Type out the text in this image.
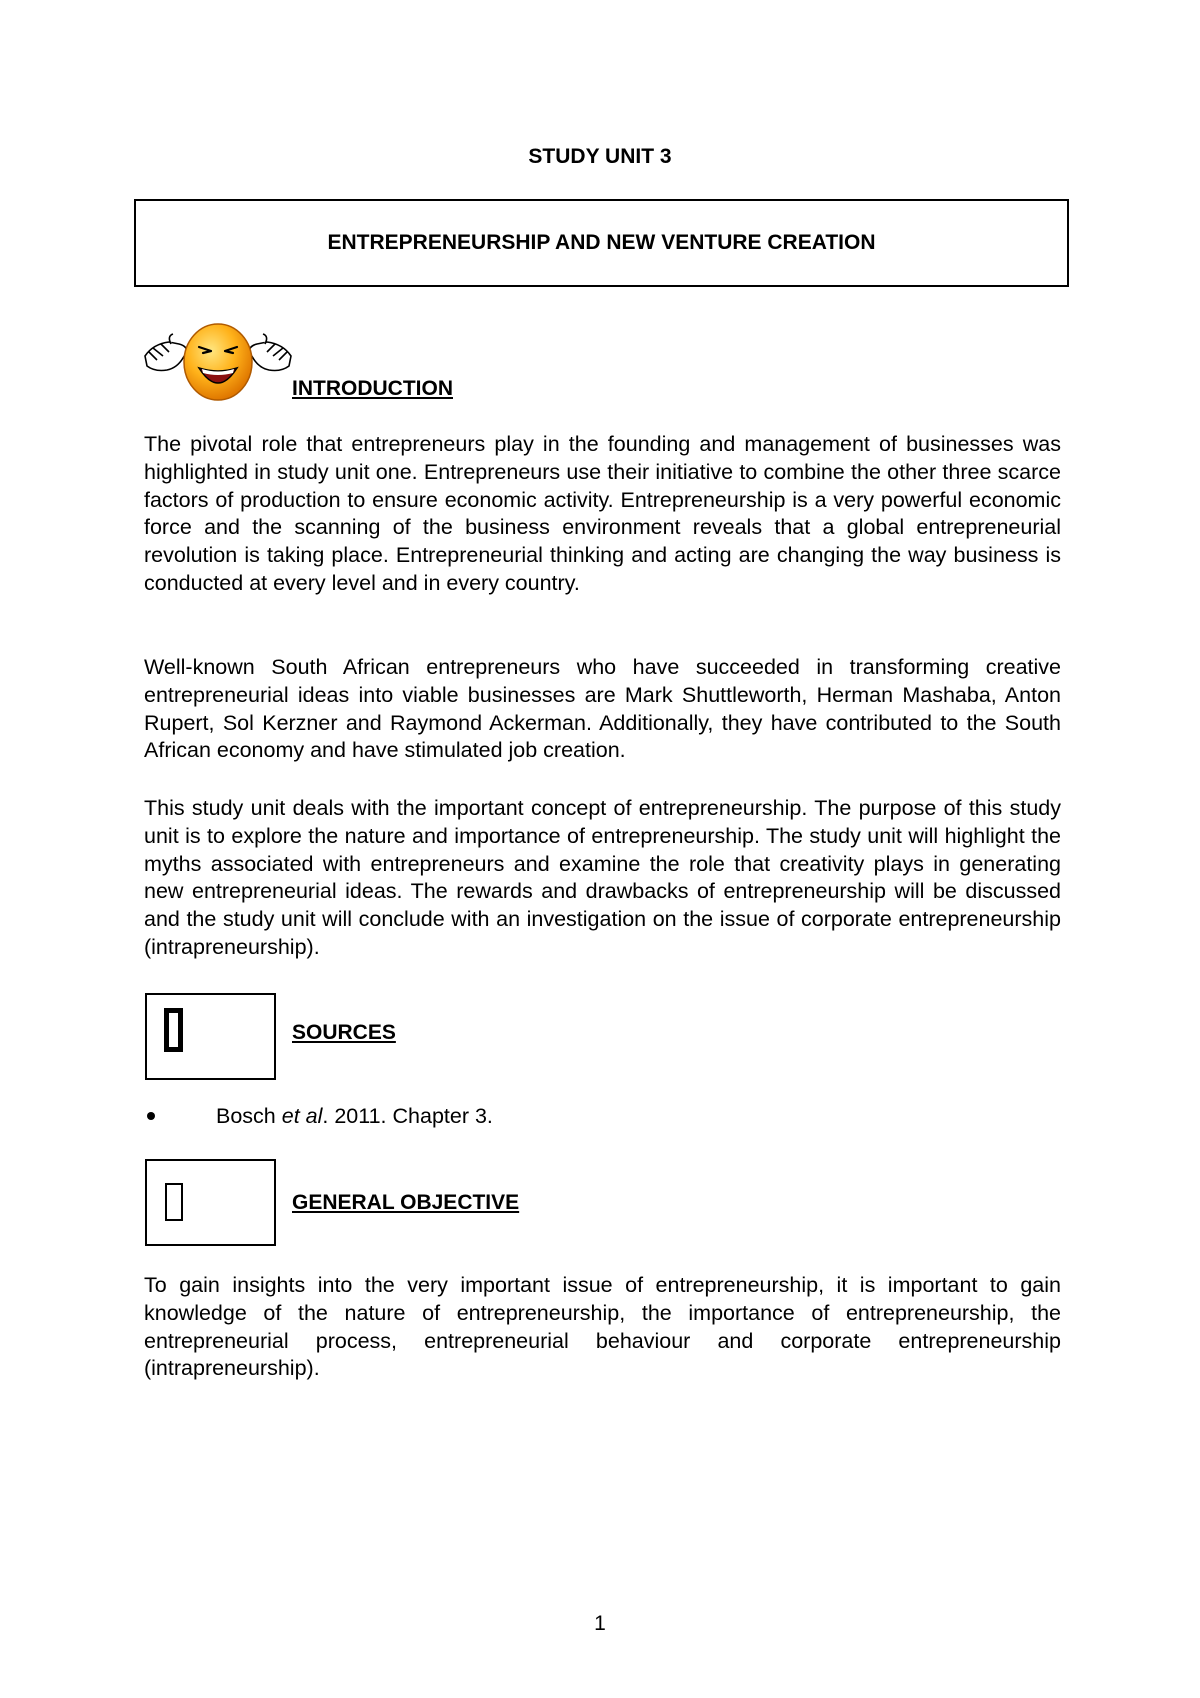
STUDY UNIT 3

ENTREPRENEURSHIP AND NEW VENTURE CREATION
INTRODUCTION

The pivotal role that entrepreneurs play in the founding and management of businesses was highlighted in study unit one. Entrepreneurs use their initiative to combine the other three scarce factors of production to ensure economic activity. Entrepreneurship is a very powerful economic force and the scanning of the business environment reveals that a global entrepreneurial revolution is taking place. Entrepreneurial thinking and acting are changing the way business is conducted at every level and in every country.

Well-known South African entrepreneurs who have succeeded in transforming creative entrepreneurial ideas into viable businesses are Mark Shuttleworth, Herman Mashaba, Anton Rupert, Sol Kerzner and Raymond Ackerman. Additionally, they have contributed to the South African economy and have stimulated job creation.

This study unit deals with the important concept of entrepreneurship. The purpose of this study unit is to explore the nature and importance of entrepreneurship. The study unit will highlight the myths associated with entrepreneurs and examine the role that creativity plays in generating new entrepreneurial ideas. The rewards and drawbacks of entrepreneurship will be discussed and the study unit will conclude with an investigation on the issue of corporate entrepreneurship (intrapreneurship).

SOURCES
Bosch et al. 2011. Chapter 3.
GENERAL OBJECTIVE

To gain insights into the very important issue of entrepreneurship, it is important to gain knowledge of the nature of entrepreneurship, the importance of entrepreneurship, the entrepreneurial process, entrepreneurial behaviour and corporate entrepreneurship (intrapreneurship).

1
